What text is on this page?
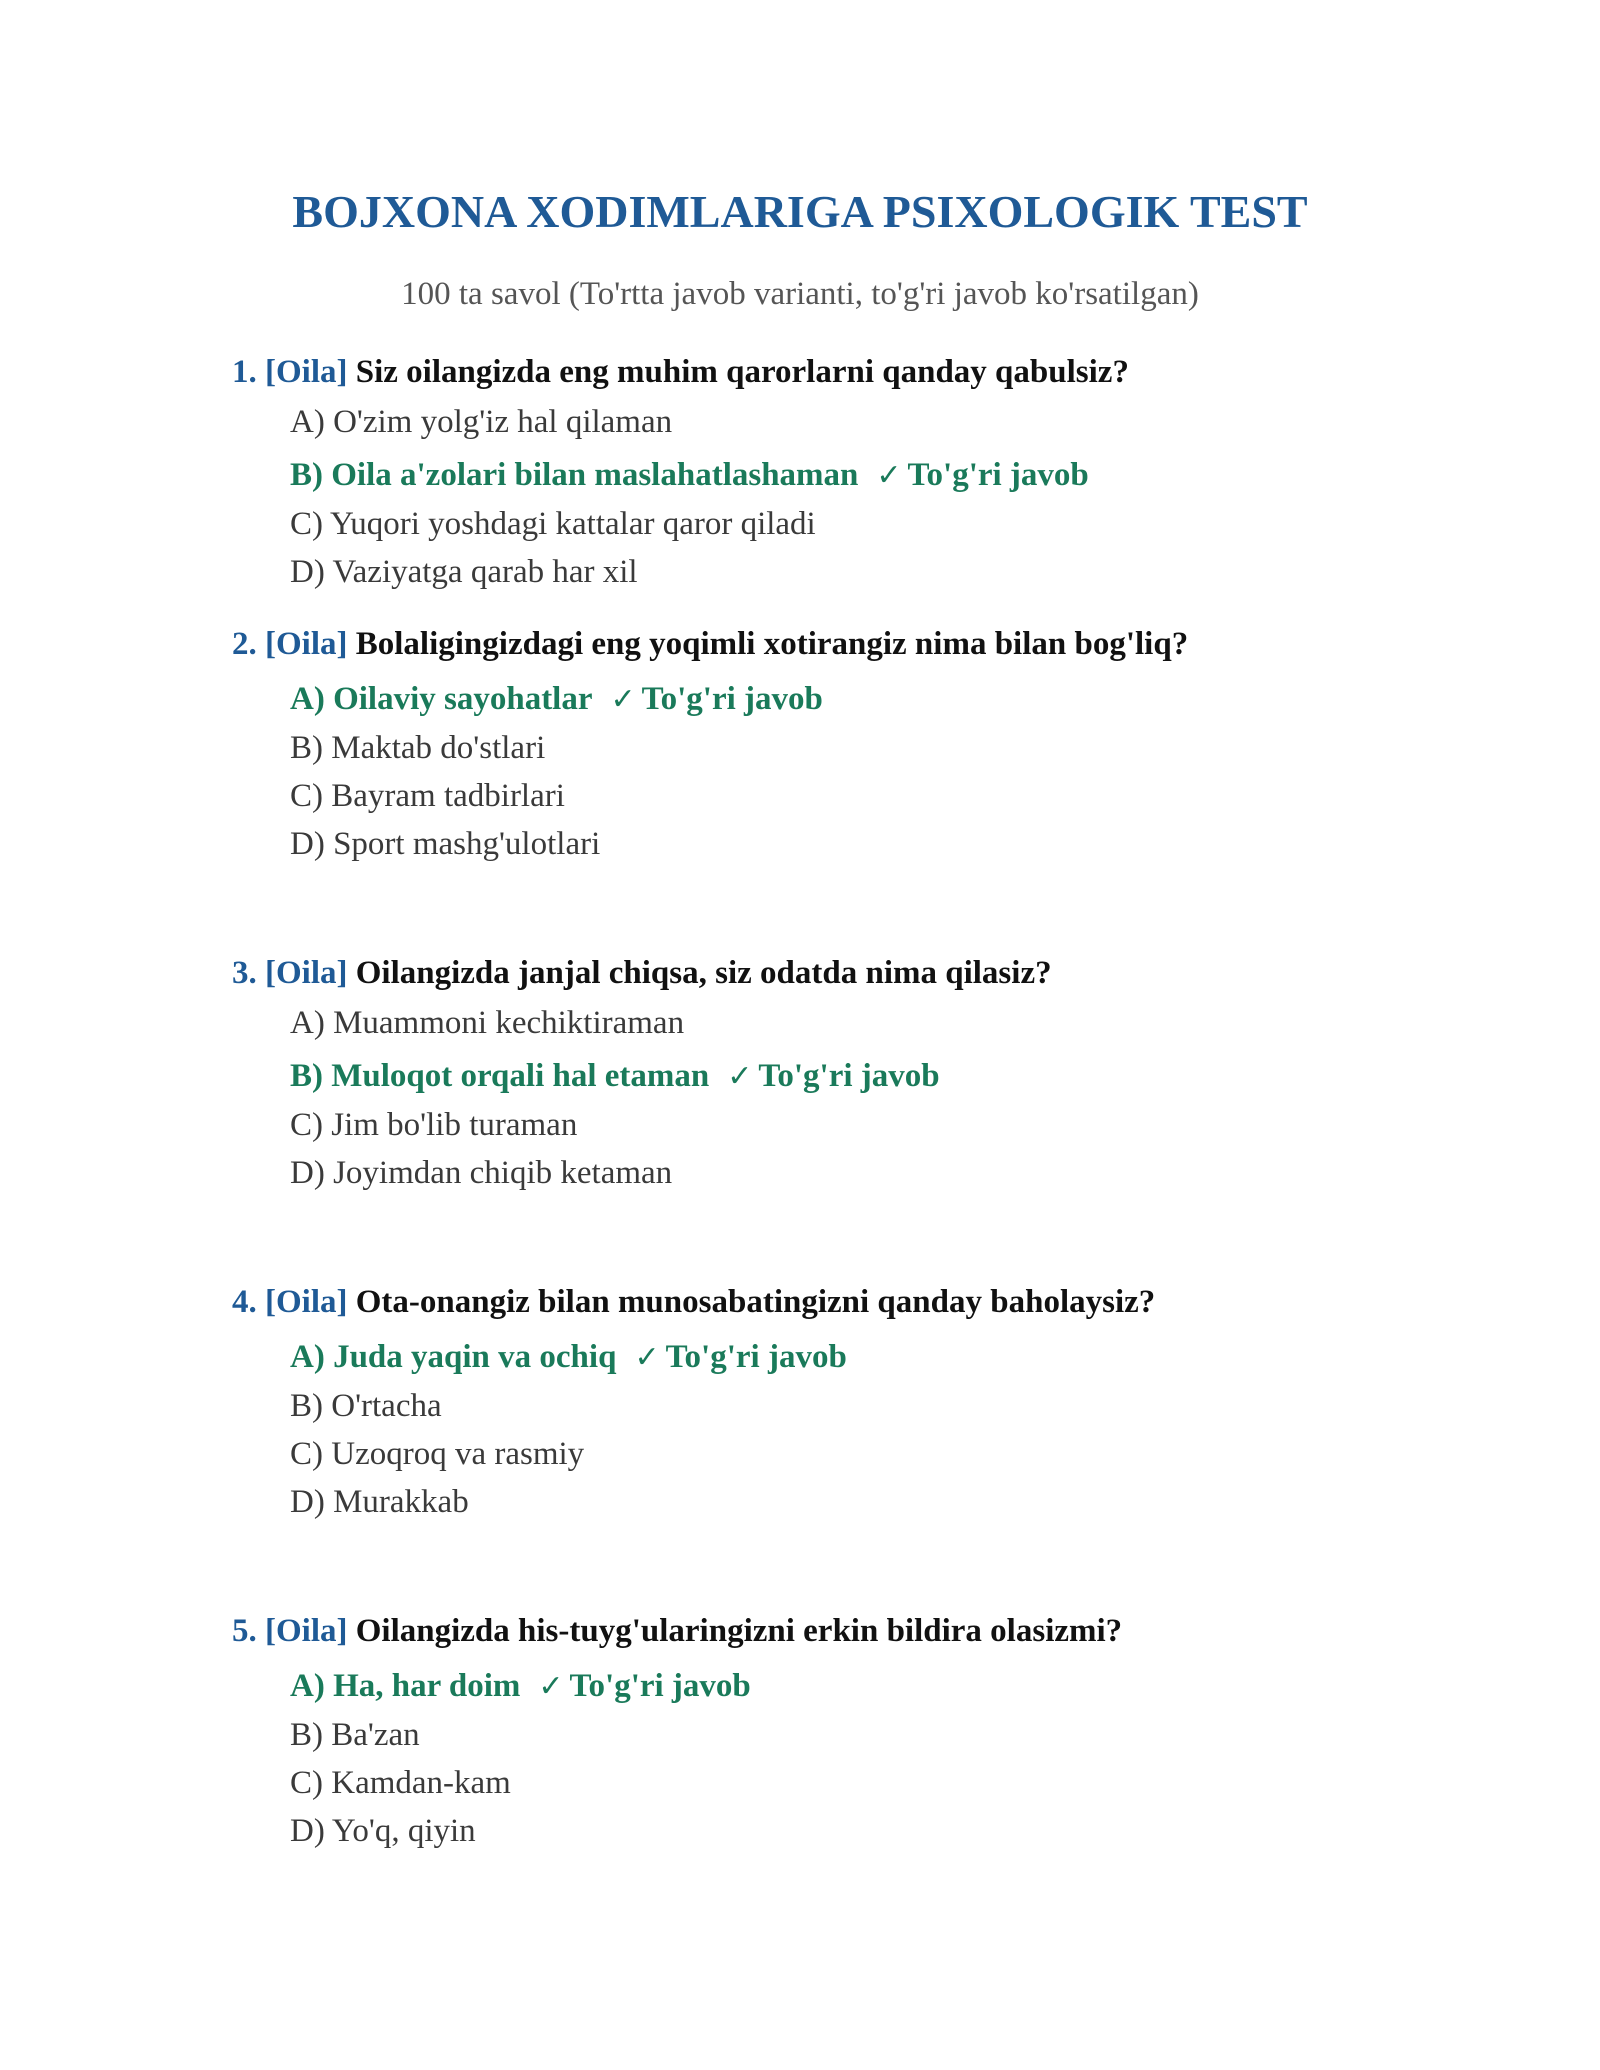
BOJXONA XODIMLARIGA PSIXOLOGIK TEST

100 ta savol (To'rtta javob varianti, to'g'ri javob ko'rsatilgan)

1. [Oila] Siz oilangizda eng muhim qarorlarni qanday qabulsiz?
A) O'zim yolg'iz hal qilaman
B) Oila a'zolari bilan maslahatlashaman ✓ To'g'ri javob
C) Yuqori yoshdagi kattalar qaror qiladi
D) Vaziyatga qarab har xil
2. [Oila] Bolaligingizdagi eng yoqimli xotirangiz nima bilan bog'liq?
A) Oilaviy sayohatlar ✓ To'g'ri javob
B) Maktab do'stlari
C) Bayram tadbirlari
D) Sport mashg'ulotlari
3. [Oila] Oilangizda janjal chiqsa, siz odatda nima qilasiz?
A) Muammoni kechiktiraman
B) Muloqot orqali hal etaman ✓ To'g'ri javob
C) Jim bo'lib turaman
D) Joyimdan chiqib ketaman
4. [Oila] Ota-onangiz bilan munosabatingizni qanday baholaysiz?
A) Juda yaqin va ochiq ✓ To'g'ri javob
B) O'rtacha
C) Uzoqroq va rasmiy
D) Murakkab
5. [Oila] Oilangizda his-tuyg'ularingizni erkin bildira olasizmi?
A) Ha, har doim ✓ To'g'ri javob
B) Ba'zan
C) Kamdan-kam
D) Yo'q, qiyin
